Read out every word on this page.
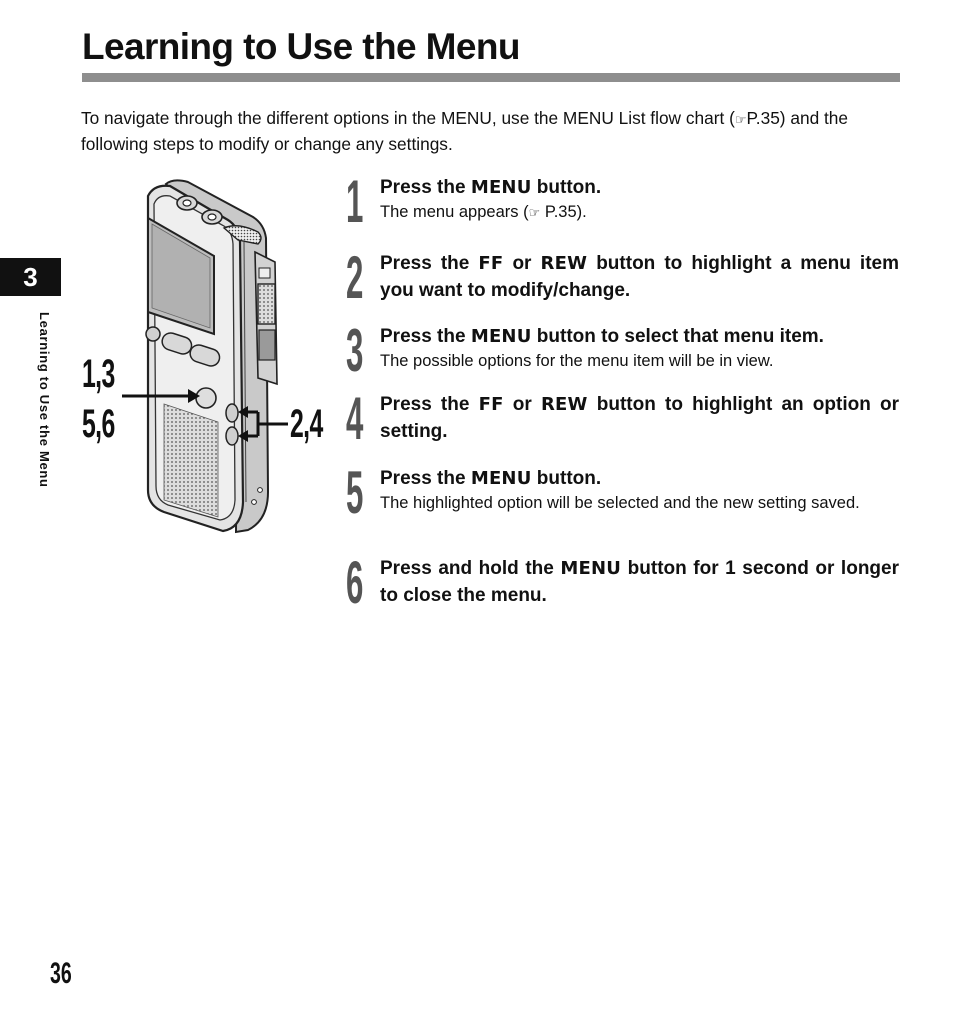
Learning to Use the Menu

To navigate through the different options in the MENU, use the MENU List flow chart (☞P.35) and the following steps to modify or change any settings.

3
Learning to Use the Menu 1,3
5,6	2,4
1 Press the MENU button.

The menu appears (☞ P.35).

2 Press the FF or REW button to highlight a menu item you want to modify/change.

3 Press the MENU button to select that menu item.

The possible options for the menu item will be in view.

4 Press the FF or REW button to highlight an option or setting.

5 Press the MENU button.

The highlighted option will be selected and the new setting saved.

6 Press and hold the MENU button for 1 second or longer to close the menu.

36
